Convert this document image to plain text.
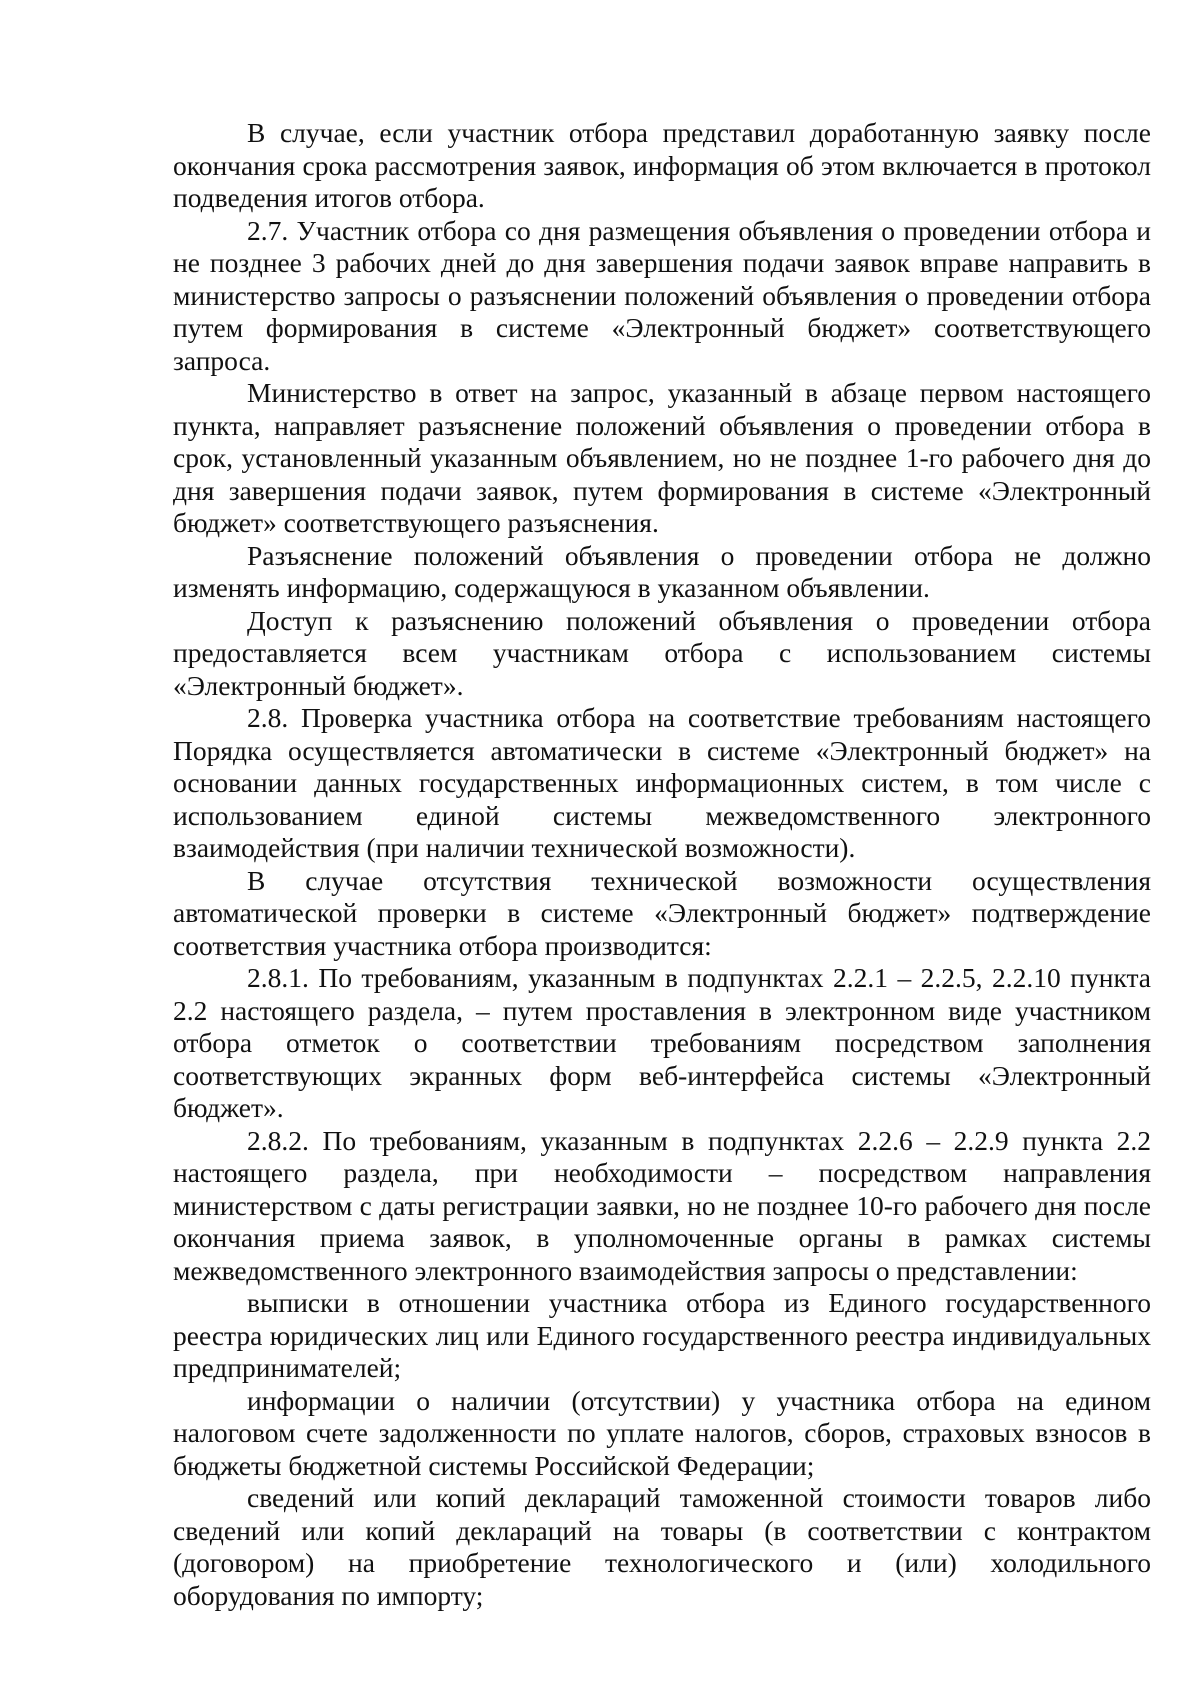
В случае, если участник отбора представил доработанную заявку после окончания срока рассмотрения заявок, информация об этом включается в протокол подведения итогов отбора.

2.7. Участник отбора со дня размещения объявления о проведении отбора и не позднее 3 рабочих дней до дня завершения подачи заявок вправе направить в министерство запросы о разъяснении положений объявления о проведении отбора путем формирования в системе «Электронный бюджет» соответствующего запроса.

Министерство в ответ на запрос, указанный в абзаце первом настоящего пункта, направляет разъяснение положений объявления о проведении отбора в срок, установленный указанным объявлением, но не позднее 1-го рабочего дня до дня завершения подачи заявок, путем формирования в системе «Электронный бюджет» соответствующего разъяснения.

Разъяснение положений объявления о проведении отбора не должно изменять информацию, содержащуюся в указанном объявлении.

Доступ к разъяснению положений объявления о проведении отбора предоставляется всем участникам отбора с использованием системы «Электронный бюджет».

2.8. Проверка участника отбора на соответствие требованиям настоящего Порядка осуществляется автоматически в системе «Электронный бюджет» на основании данных государственных информационных систем, в том числе с использованием единой системы межведомственного электронного взаимодействия (при наличии технической возможности).

В случае отсутствия технической возможности осуществления автоматической проверки в системе «Электронный бюджет» подтверждение соответствия участника отбора производится:

2.8.1. По требованиям, указанным в подпунктах 2.2.1 – 2.2.5, 2.2.10 пункта 2.2 настоящего раздела, – путем проставления в электронном виде участником отбора отметок о соответствии требованиям посредством заполнения соответствующих экранных форм веб-интерфейса системы «Электронный бюджет».

2.8.2. По требованиям, указанным в подпунктах 2.2.6 – 2.2.9 пункта 2.2 настоящего раздела, при необходимости – посредством направления министерством с даты регистрации заявки, но не позднее 10-го рабочего дня после окончания приема заявок, в уполномоченные органы в рамках системы межведомственного электронного взаимодействия запросы о представлении:

выписки в отношении участника отбора из Единого государственного реестра юридических лиц или Единого государственного реестра индивидуальных предпринимателей;

информации о наличии (отсутствии) у участника отбора на едином налоговом счете задолженности по уплате налогов, сборов, страховых взносов в бюджеты бюджетной системы Российской Федерации;

сведений или копий деклараций таможенной стоимости товаров либо сведений или копий деклараций на товары (в соответствии с контрактом (договором) на приобретение технологического и (или) холодильного оборудования по импорту;
